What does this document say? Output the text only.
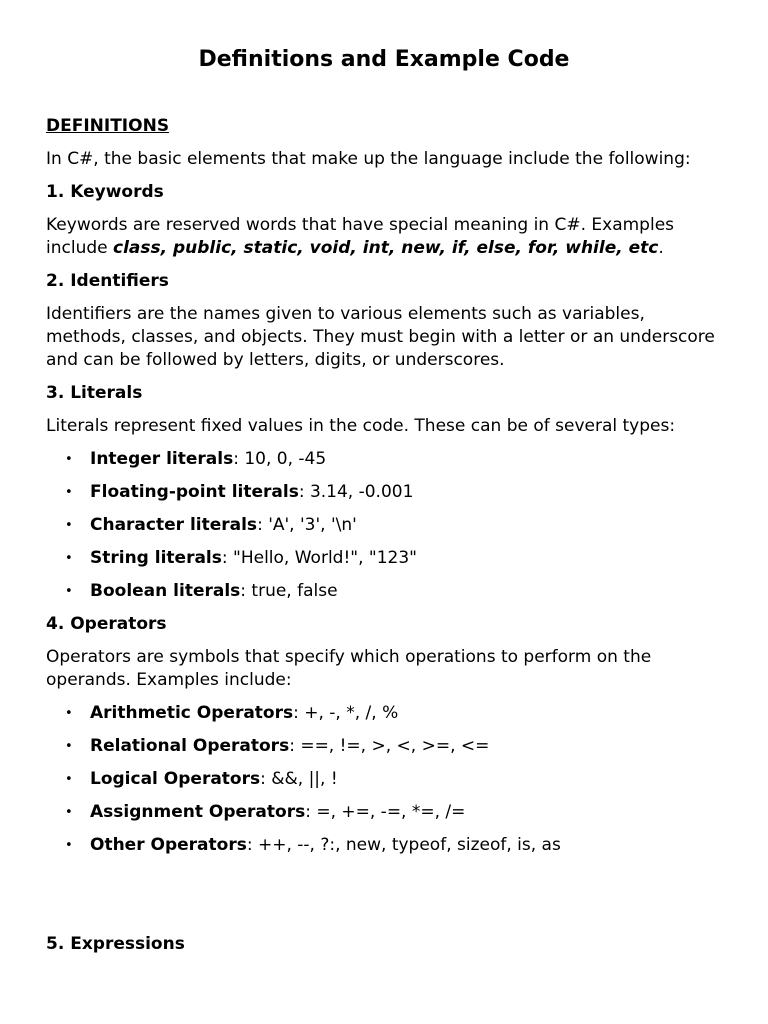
Definitions and Example Code
DEFINITIONS

In C#, the basic elements that make up the language include the following:

1. Keywords

Keywords are reserved words that have special meaning in C#. Examples include class, public, static, void, int, new, if, else, for, while, etc.

2. Identifiers

Identifiers are the names given to various elements such as variables, methods, classes, and objects. They must begin with a letter or an underscore and can be followed by letters, digits, or underscores.

3. Literals

Literals represent fixed values in the code. These can be of several types:

• Integer literals: 10, 0, -45
• Floating-point literals: 3.14, -0.001
• Character literals: 'A', '3', '\n'
• String literals: "Hello, World!", "123"
• Boolean literals: true, false
4. Operators

Operators are symbols that specify which operations to perform on the operands. Examples include:

• Arithmetic Operators: +, -, *, /, %
• Relational Operators: ==, !=, >, <, >=, <=
• Logical Operators: &&, ||, !
• Assignment Operators: =, +=, -=, *=, /=
• Other Operators: ++, --, ?:, new, typeof, sizeof, is, as
5. Expressions
